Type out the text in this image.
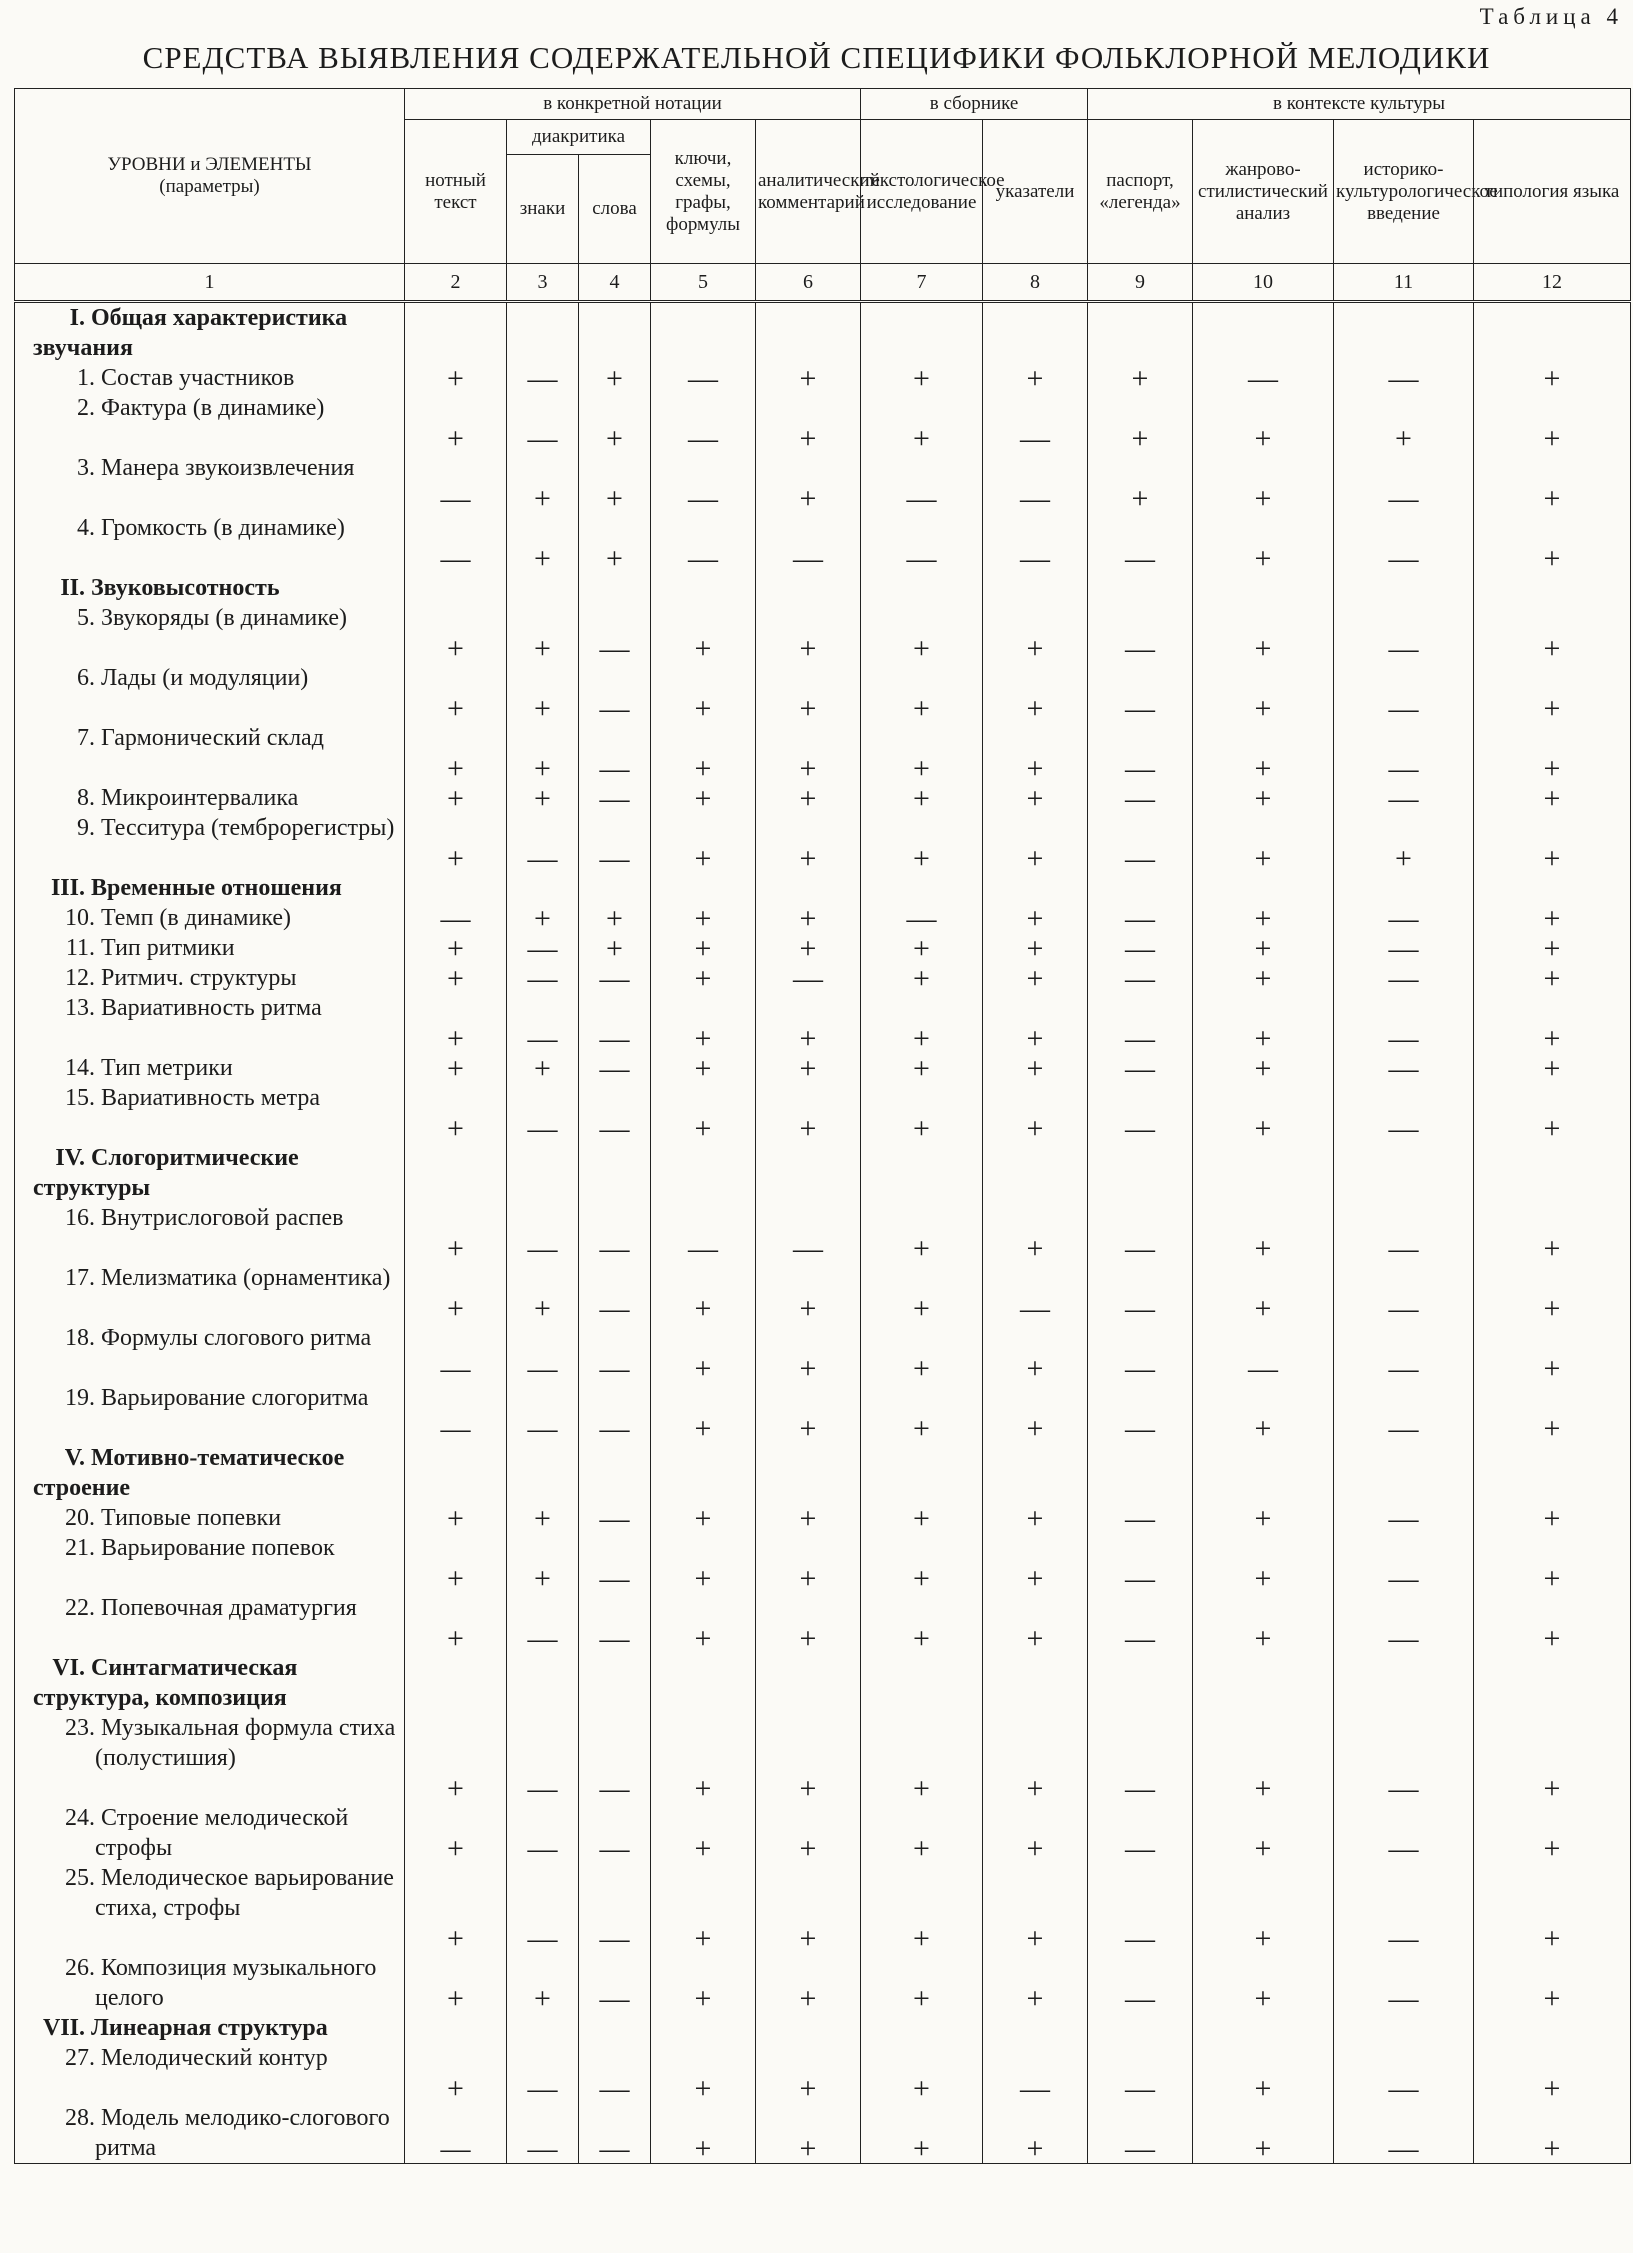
Таблица 4
СРЕДСТВА ВЫЯВЛЕНИЯ СОДЕРЖАТЕЛЬНОЙ СПЕЦИФИКИ ФОЛЬКЛОРНОЙ МЕЛОДИКИ
УРОВНИ и ЭЛЕМЕНТЫ
(параметры)	в конкретной нотации					в сборнике		в контексте культуры			
	нотный текст	диакритика		ключи, схемы, графы, формулы	аналитический комментарий	текстологическое исследование	указатели	паспорт, «легенда»	жанрово-стилистический анализ	историко-культурологическое введение	типология языка
		знаки	слова								
1	2	3	4	5	6	7	8	9	10	11	12
I. Общая характеристика звучания											
1. Состав участников	+	—	+	—	+	+	+	+	—	—	+
2. Фактура (в динамике)	+	—	+	—	+	+	—	+	+	+	+
3. Манера звукоизвлечения	—	+	+	—	+	—	—	+	+	—	+
4. Громкость (в динамике)	—	+	+	—	—	—	—	—	+	—	+
II. Звуковысотность											
5. Звукоряды (в динамике)	+	+	—	+	+	+	+	—	+	—	+
6. Лады (и модуляции)	+	+	—	+	+	+	+	—	+	—	+
7. Гармонический склад	+	+	—	+	+	+	+	—	+	—	+
8. Микроинтервалика	+	+	—	+	+	+	+	—	+	—	+
9. Тесситура (темброрегистры)	+	—	—	+	+	+	+	—	+	+	+
III. Временные отношения											
10. Темп (в динамике)	—	+	+	+	+	—	+	—	+	—	+
11. Тип ритмики	+	—	+	+	+	+	+	—	+	—	+
12. Ритмич. структуры	+	—	—	+	—	+	+	—	+	—	+
13. Вариативность ритма	+	—	—	+	+	+	+	—	+	—	+
14. Тип метрики	+	+	—	+	+	+	+	—	+	—	+
15. Вариативность метра	+	—	—	+	+	+	+	—	+	—	+
IV. Слогоритмические структуры											
16. Внутрислоговой распев	+	—	—	—	—	+	+	—	+	—	+
17. Мелизматика (орнаментика)	+	+	—	+	+	+	—	—	+	—	+
18. Формулы слогового ритма	—	—	—	+	+	+	+	—	—	—	+
19. Варьирование слогоритма	—	—	—	+	+	+	+	—	+	—	+
V. Мотивно-тематическое строение											
20. Типовые попевки	+	+	—	+	+	+	+	—	+	—	+
21. Варьирование попевок	+	+	—	+	+	+	+	—	+	—	+
22. Попевочная драматургия	+	—	—	+	+	+	+	—	+	—	+
VI. Синтагматическая структура, композиция											
23. Музыкальная формула стиха (полустишия)	+	—	—	+	+	+	+	—	+	—	+
24. Строение мелодической строфы	+	—	—	+	+	+	+	—	+	—	+
25. Мелодическое варьирование стиха, строфы	+	—	—	+	+	+	+	—	+	—	+
26. Композиция музыкального целого	+	+	—	+	+	+	+	—	+	—	+
VII. Линеарная структура											
27. Мелодический контур	+	—	—	+	+	+	—	—	+	—	+
28. Модель мелодико-слогового ритма	—	—	—	+	+	+	+	—	+	—	+
